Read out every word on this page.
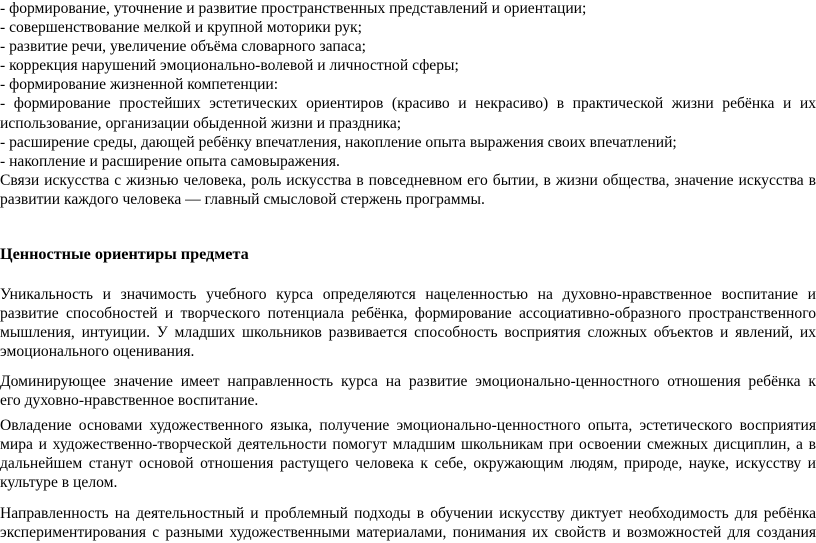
- формирование, уточнение и развитие пространственных представлений и ориентации;
- совершенствование мелкой и крупной моторики рук;
- развитие речи, увеличение объёма словарного запаса;
- коррекция нарушений эмоционально-волевой и личностной сферы;
- формирование жизненной компетенции:
- формирование простейших эстетических ориентиров (красиво и некрасиво) в практической жизни ребёнка и их
использование, организации обыденной жизни и праздника;
- расширение среды, дающей ребёнку впечатления, накопление опыта выражения своих впечатлений;
- накопление и расширение опыта самовыражения.
Связи искусства с жизнью человека, роль искусства в повседневном его бытии, в жизни общества, значение искусства в
развитии каждого человека — главный смысловой стержень программы.
Ценностные ориентиры предмета
Уникальность и значимость учебного курса определяются нацеленностью на духовно-нравственное воспитание и
развитие способностей и творческого потенциала ребёнка, формирование ассоциативно-образного пространственного
мышления, интуиции. У младших школьников развивается способность восприятия сложных объектов и явлений, их
эмоционального оценивания.
Доминирующее значение имеет направленность курса на развитие эмоционально-ценностного отношения ребёнка к
его духовно-нравственное воспитание.
Овладение основами художественного языка, получение эмоционально-ценностного опыта, эстетического восприятия
мира и художественно-творческой деятельности помогут младшим школьникам при освоении смежных дисциплин, а в
дальнейшем станут основой отношения растущего человека к себе, окружающим людям, природе, науке, искусству и
культуре в целом.
Направленность на деятельностный и проблемный подходы в обучении искусству диктует необходимость для ребёнка
экспериментирования с разными художественными материалами, понимания их свойств и возможностей для создания
